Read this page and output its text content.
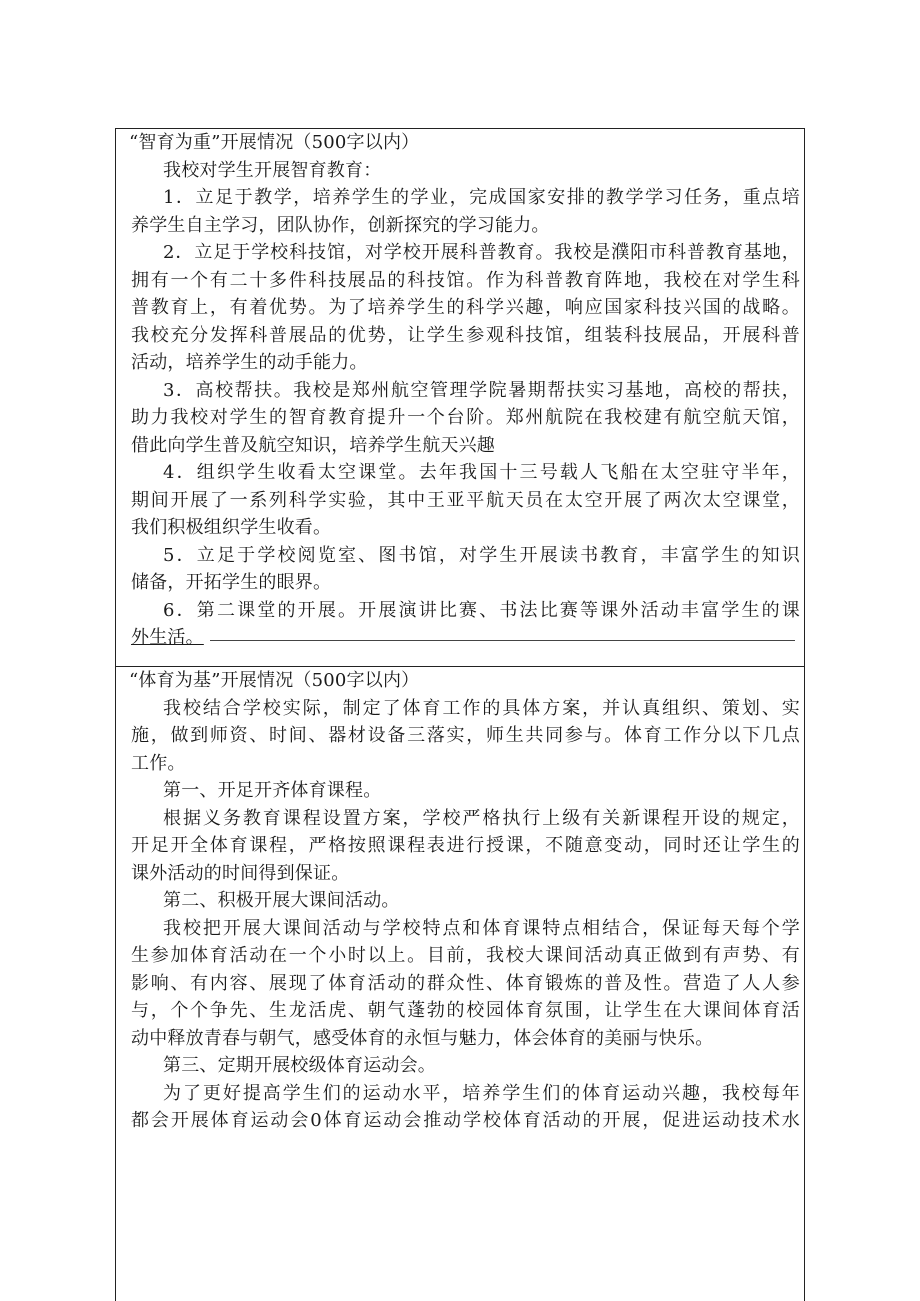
“智育为重”开展情况（500字以内）
我校对学生开展智育教育：
1．立足于教学，培养学生的学业，完成国家安排的教学学习任务，重点培
养学生自主学习，团队协作，创新探究的学习能力。
2．立足于学校科技馆，对学校开展科普教育。我校是濮阳市科普教育基地，
拥有一个有二十多件科技展品的科技馆。作为科普教育阵地，我校在对学生科
普教育上，有着优势。为了培养学生的科学兴趣，响应国家科技兴国的战略。
我校充分发挥科普展品的优势，让学生参观科技馆，组装科技展品，开展科普
活动，培养学生的动手能力。
3．高校帮扶。我校是郑州航空管理学院暑期帮扶实习基地，高校的帮扶，
助力我校对学生的智育教育提升一个台阶。郑州航院在我校建有航空航天馆，
借此向学生普及航空知识，培养学生航天兴趣
4．组织学生收看太空课堂。去年我国十三号载人飞船在太空驻守半年，
期间开展了一系列科学实验，其中王亚平航天员在太空开展了两次太空课堂，
我们积极组织学生收看。
5．立足于学校阅览室、图书馆，对学生开展读书教育，丰富学生的知识
储备，开拓学生的眼界。
6．第二课堂的开展。开展演讲比赛、书法比赛等课外活动丰富学生的课
外生活。
“体育为基”开展情况（500字以内）
我校结合学校实际，制定了体育工作的具体方案，并认真组织、策划、实
施，做到师资、时间、器材设备三落实，师生共同参与。体育工作分以下几点
工作。
第一、开足开齐体育课程。
根据义务教育课程设置方案，学校严格执行上级有关新课程开设的规定，
开足开全体育课程，严格按照课程表进行授课，不随意变动，同时还让学生的
课外活动的时间得到保证。
第二、积极开展大课间活动。
我校把开展大课间活动与学校特点和体育课特点相结合，保证每天每个学
生参加体育活动在一个小时以上。目前，我校大课间活动真正做到有声势、有
影响、有内容、展现了体育活动的群众性、体育锻炼的普及性。营造了人人参
与，个个争先、生龙活虎、朝气蓬勃的校园体育氛围，让学生在大课间体育活
动中释放青春与朝气，感受体育的永恒与魅力，体会体育的美丽与快乐。
第三、定期开展校级体育运动会。
为了更好提高学生们的运动水平，培养学生们的体育运动兴趣，我校每年
都会开展体育运动会0体育运动会推动学校体育活动的开展，促进运动技术水
